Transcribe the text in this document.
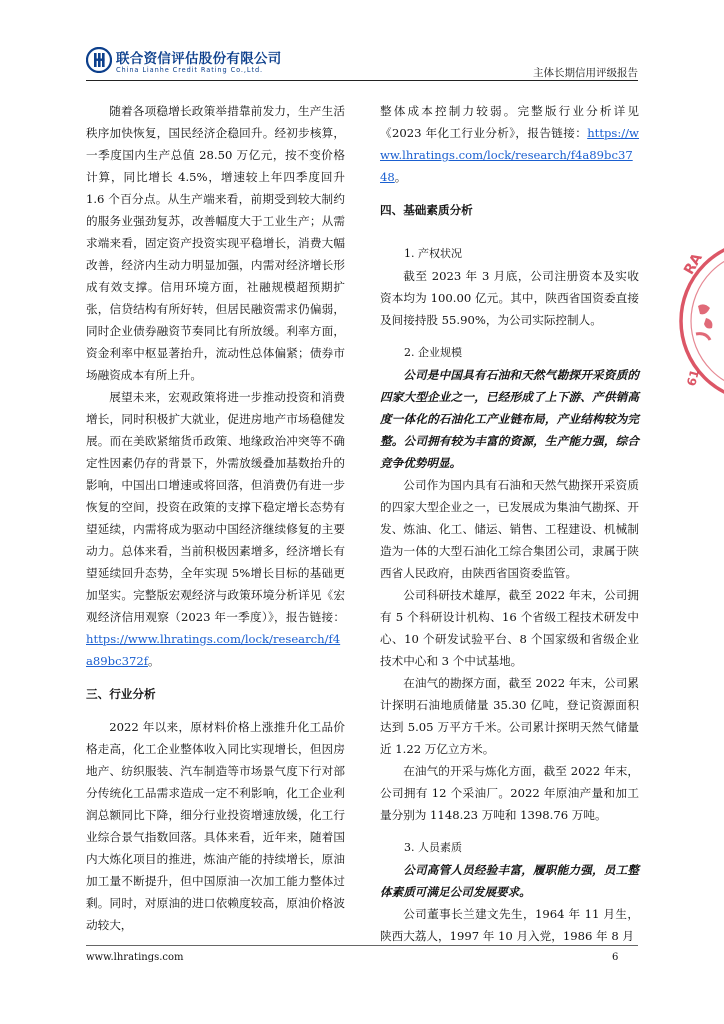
联合资信评估股份有限公司
China Lianhe Credit Rating Co.,Ltd.	主体长期信用评级报告

随着各项稳增长政策举措靠前发力，生产生活秩序加快恢复，国民经济企稳回升。经初步核算，一季度国内生产总值 28.50 万亿元，按不变价格计算，同比增长 4.5%，增速较上年四季度回升 1.6 个百分点。从生产端来看，前期受到较大制约的服务业强劲复苏，改善幅度大于工业生产；从需求端来看，固定资产投资实现平稳增长，消费大幅改善，经济内生动力明显加强，内需对经济增长形成有效支撑。信用环境方面，社融规模超预期扩张，信贷结构有所好转，但居民融资需求仍偏弱，同时企业债券融资节奏同比有所放缓。利率方面，资金利率中枢显著抬升，流动性总体偏紧；债券市场融资成本有所上升。

展望未来，宏观政策将进一步推动投资和消费增长，同时积极扩大就业，促进房地产市场稳健发展。而在美欧紧缩货币政策、地缘政治冲突等不确定性因素仍存的背景下，外需放缓叠加基数抬升的影响，中国出口增速或将回落，但消费仍有进一步恢复的空间，投资在政策的支撑下稳定增长态势有望延续，内需将成为驱动中国经济继续修复的主要动力。总体来看，当前积极因素增多，经济增长有望延续回升态势，全年实现 5%增长目标的基础更加坚实。完整版宏观经济与政策环境分析详见《宏观经济信用观察（2023 年一季度）》，报告链接：https://www.lhratings.com/lock/research/f4a89bc372f。

三、行业分析

2022 年以来，原材料价格上涨推升化工品价格走高，化工企业整体收入同比实现增长，但因房地产、纺织服装、汽车制造等市场景气度下行对部分传统化工品需求造成一定不利影响，化工企业利润总额同比下降，细分行业投资增速放缓，化工行业综合景气指数回落。具体来看，近年来，随着国内大炼化项目的推进，炼油产能的持续增长，原油加工量不断提升，但中国原油一次加工能力整体过剩。同时，对原油的进口依赖度较高，原油价格波动较大，

整体成本控制力较弱。完整版行业分析详见《2023 年化工行业分析》，报告链接：https://www.lhratings.com/lock/research/f4a89bc3748。

四、基础素质分析
1. 产权状况

截至 2023 年 3 月底，公司注册资本及实收资本均为 100.00 亿元。其中，陕西省国资委直接及间接持股 55.90%，为公司实际控制人。

2. 企业规模

公司是中国具有石油和天然气勘探开采资质的四家大型企业之一，已经形成了上下游、产供销高度一体化的石油化工产业链布局，产业结构较为完整。公司拥有较为丰富的资源，生产能力强，综合竞争优势明显。

公司作为国内具有石油和天然气勘探开采资质的四家大型企业之一，已发展成为集油气勘探、开发、炼油、化工、储运、销售、工程建设、机械制造为一体的大型石油化工综合集团公司，隶属于陕西省人民政府，由陕西省国资委监管。

公司科研技术雄厚，截至 2022 年末，公司拥有 5 个科研设计机构、16 个省级工程技术研发中心、10 个研发试验平台、8 个国家级和省级企业技术中心和 3 个中试基地。

在油气的勘探方面，截至 2022 年末，公司累计探明石油地质储量 35.30 亿吨，登记资源面积达到 5.05 万平方千米。公司累计探明天然气储量近 1.22 万亿立方米。

在油气的开采与炼化方面，截至 2022 年末，公司拥有 12 个采油厂。2022 年原油产量和加工量分别为 1148.23 万吨和 1398.76 万吨。

3. 人员素质

公司高管人员经验丰富，履职能力强，员工整体素质可满足公司发展要求。

公司董事长兰建文先生，1964 年 11 月生，陕西大荔人，1997 年 10 月入党，1986 年 8 月

RA
61
www.lhratings.com	6
